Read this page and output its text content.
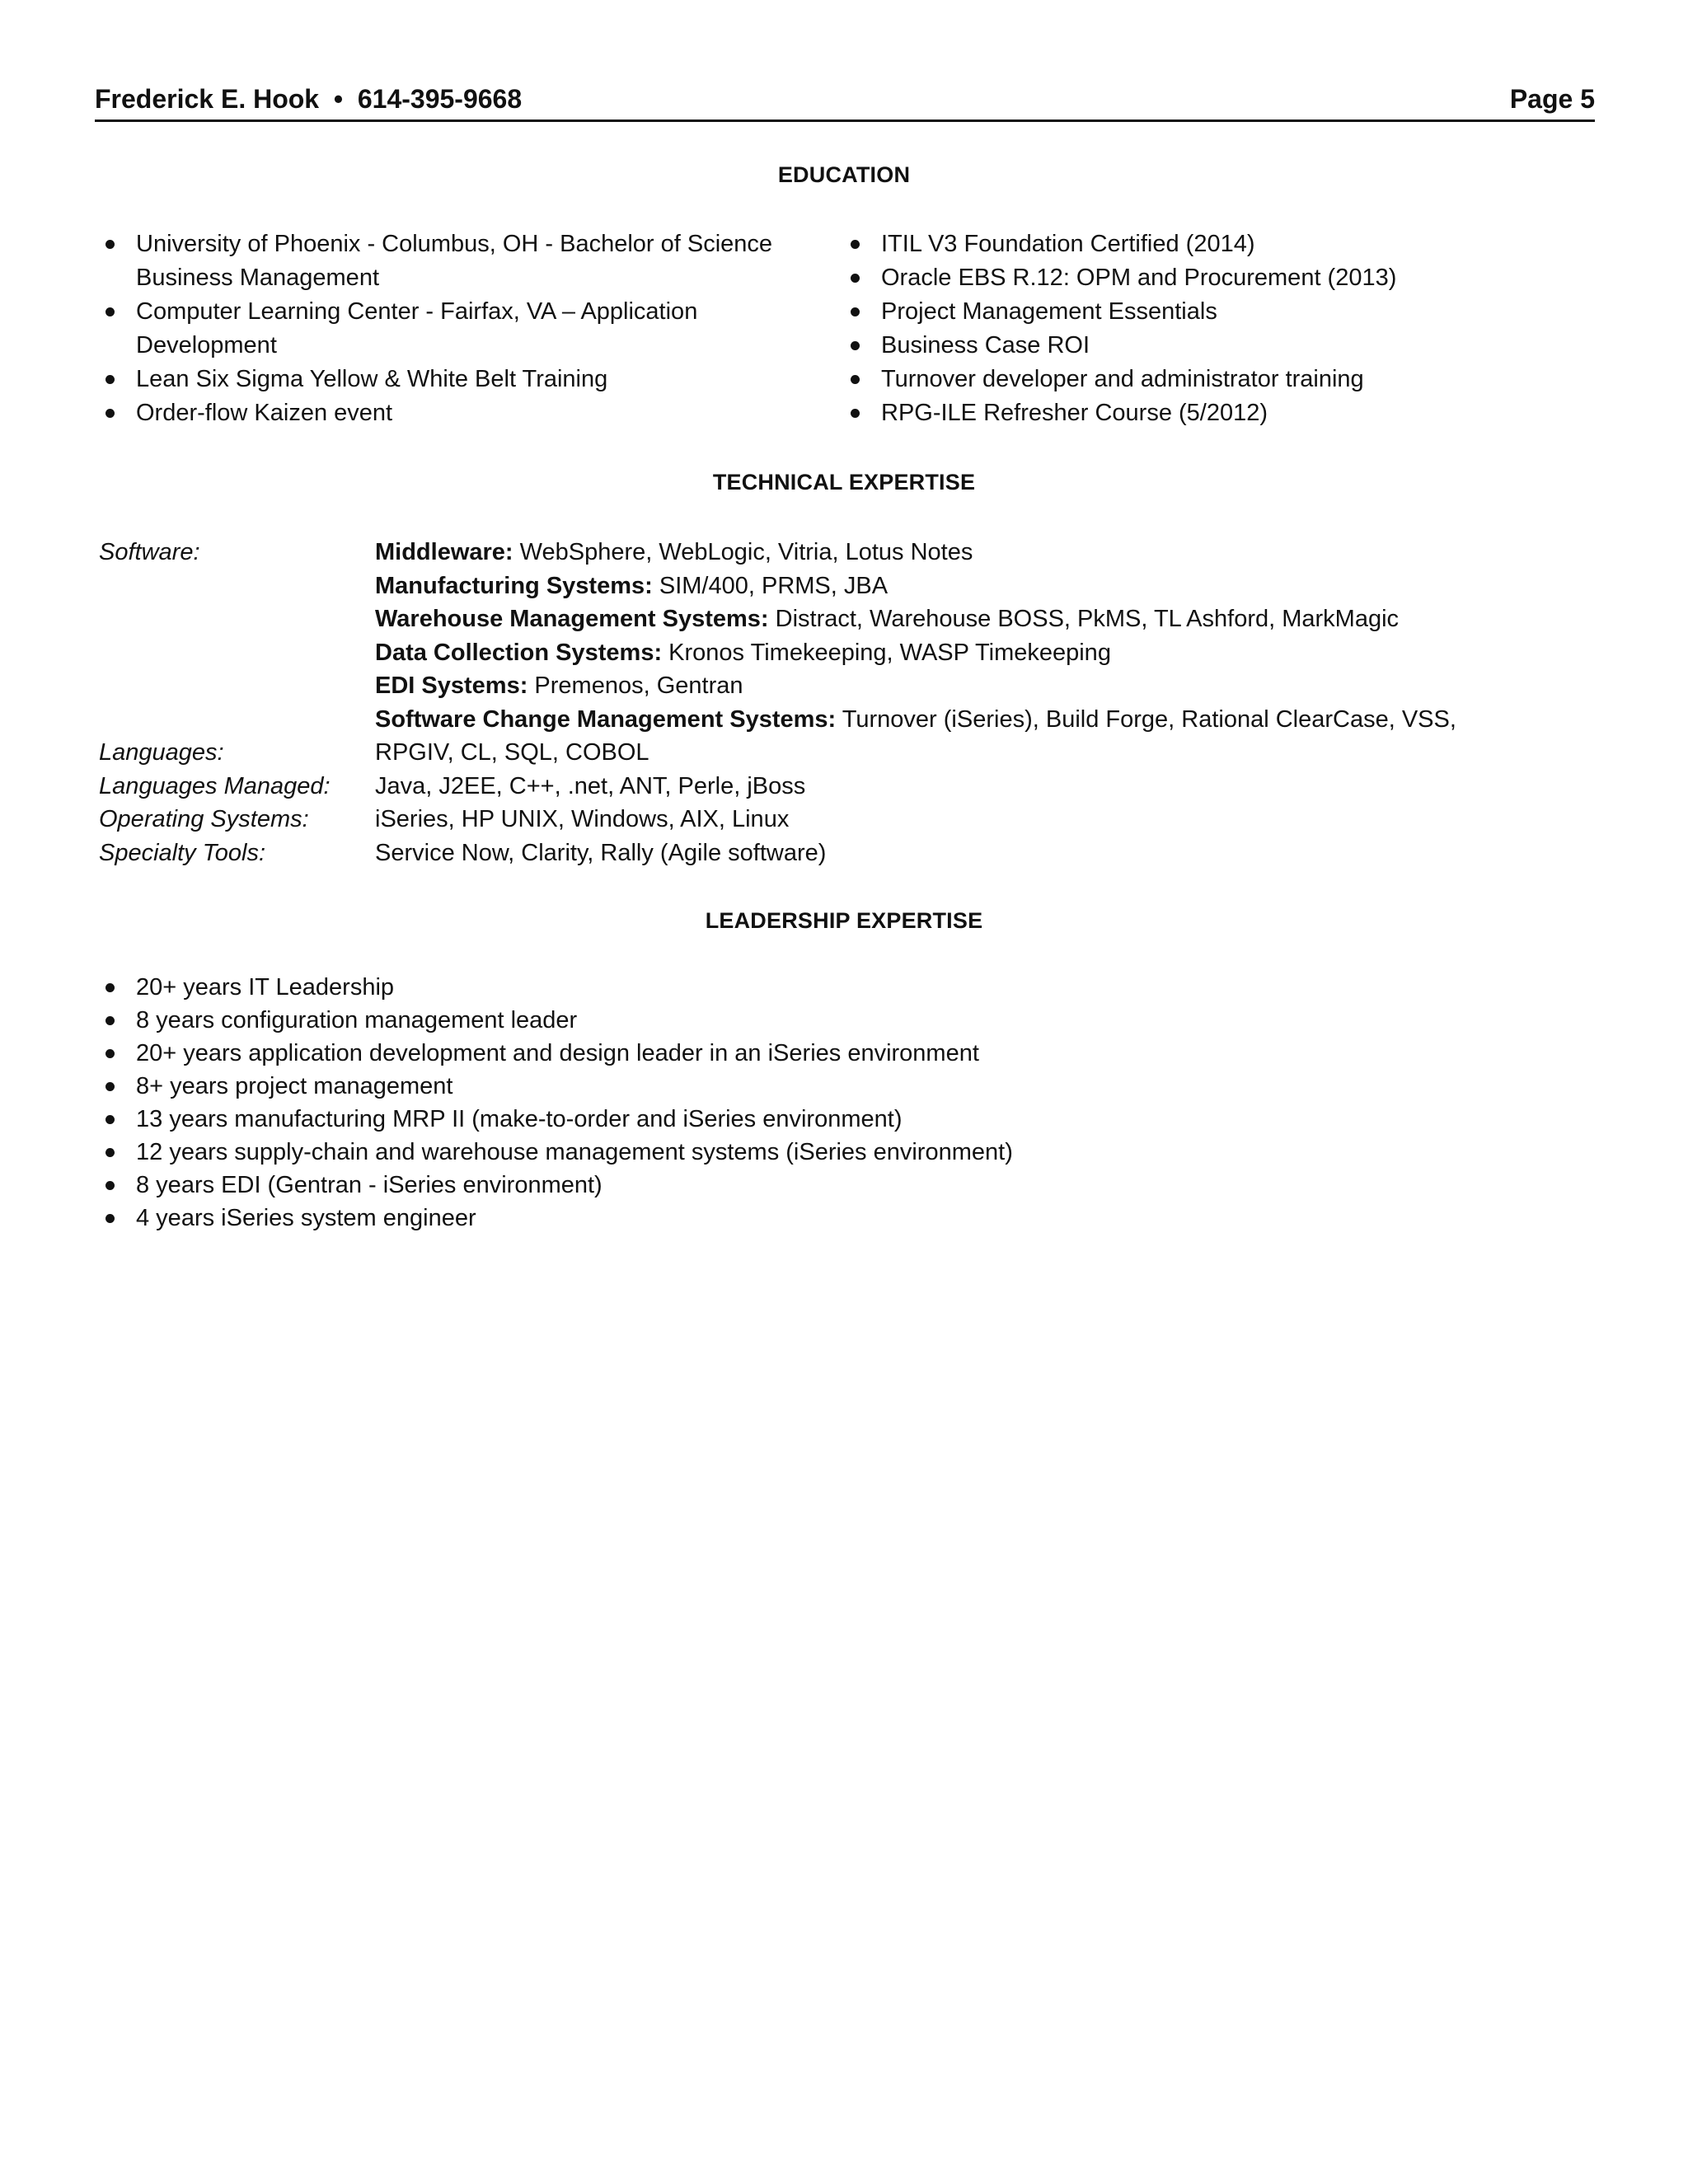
Frederick E. Hook • 614-395-9668	Page 5
EDUCATION
University of Phoenix - Columbus, OH - Bachelor of Science
Business Management
Computer Learning Center - Fairfax, VA – Application
Development
Lean Six Sigma Yellow & White Belt Training
Order-flow Kaizen event
ITIL V3 Foundation Certified (2014)
Oracle EBS R.12: OPM and Procurement (2013)
Project Management Essentials
Business Case ROI
Turnover developer and administrator training
RPG-ILE Refresher Course (5/2012)
TECHNICAL EXPERTISE
Software:	Middleware: WebSphere, WebLogic, Vitria, Lotus Notes
Manufacturing Systems: SIM/400, PRMS, JBA
Warehouse Management Systems: Distract, Warehouse BOSS, PkMS, TL Ashford, MarkMagic
Data Collection Systems: Kronos Timekeeping, WASP Timekeeping
EDI Systems: Premenos, Gentran
Software Change Management Systems: Turnover (iSeries), Build Forge, Rational ClearCase, VSS,
Languages:	RPGIV, CL, SQL, COBOL
Languages Managed:	Java, J2EE, C++, .net, ANT, Perle, jBoss
Operating Systems:	iSeries, HP UNIX, Windows, AIX, Linux
Specialty Tools:	Service Now, Clarity, Rally (Agile software)
LEADERSHIP EXPERTISE
20+ years IT Leadership
8 years configuration management leader
20+ years application development and design leader in an iSeries environment
8+ years project management
13 years manufacturing MRP II (make-to-order and iSeries environment)
12 years supply-chain and warehouse management systems (iSeries environment)
8 years EDI (Gentran - iSeries environment)
4 years iSeries system engineer
